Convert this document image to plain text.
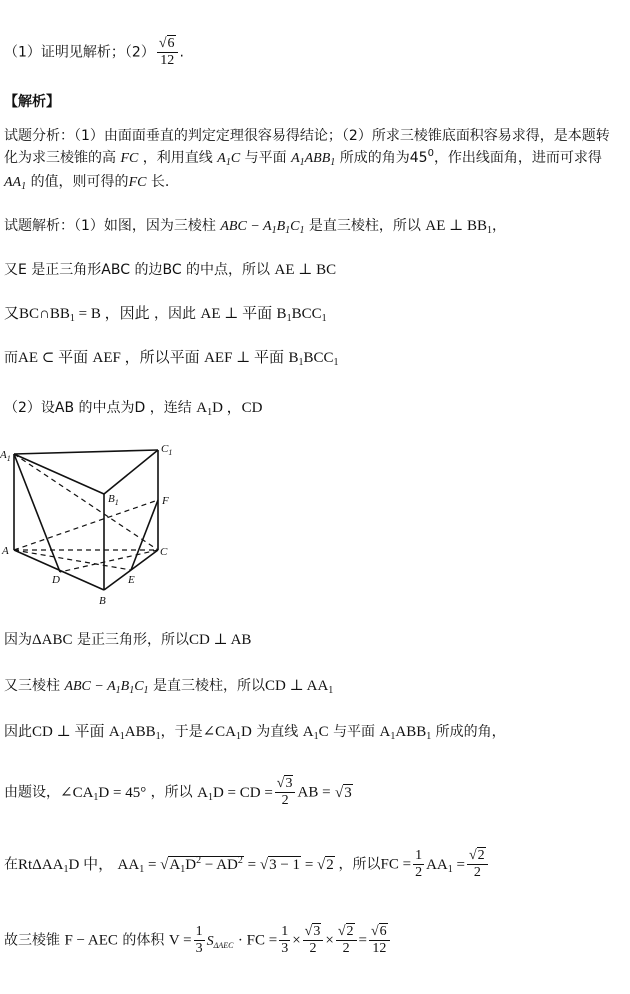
（1）证明见解析；$(2) \frac{√6}{12}$ .
【解析】
试题分析：（1）由面面垂直的判定定理很容易得结论；（2）所求三棱锥底面积容易求得，是本题转
化为求三棱锥的高 FC ，利用直线 $A_1C$ 与平面 $A_1ABB_1$ 所成的角为$45^0$，作出线面角，进而可求得
$AA_1$ 的值，则可得的FC 长.
试题解析：（1）如图，因为三棱柱 ABC − $A_1B_1C_1$ 是直三棱柱，所以 AE ⊥ $BB_1$，
又E 是正三角形ABC 的边BC 的中点，所以 AE ⊥ BC
又$BC\cap BB_1 = B$ ，因此 ，因此 AE ⊥ 平面 $B_1BCC_1$
而AE ⊂ 平面 AEF ，所以平面 AEF ⊥ 平面 $B_1BCC_1$
（2）设AB 的中点为D ，连结 $A_1D$ ，CD
$A_1$
$C_1$
$B_1$	F
A	C
D	E
B
因为ΔABC 是正三角形，所以CD ⊥ AB
又三棱柱 ABC − $A_1B_1C_1$ 是直三棱柱，所以CD ⊥ $AA_1$
因此CD ⊥ 平面 $A_1ABB_1$，于是$\angle CA_1D$ 为直线 $A_1C$ 与平面 $A_1ABB_1$ 所成的角，
由题设，$\angle CA_1D = 45^\circ$ ，所以 $A_1D$ = CD = $\frac{√3}{2}$ AB = √3
在RtΔAA$_1$D 中， $AA_1 = √A_1D^2 - AD^2 = √3 - 1 = √2$ ，所以FC = $\frac{1}{2} AA_1 = \frac{√2}{2}$
故三棱锥 F − AEC 的体积 $V = \frac{1}{3} S_{\Delta AEC}$ · FC = $\frac{1}{3} \times \frac{√3}{2} \times \frac{√2}{2} = \frac{√6}{12}$
